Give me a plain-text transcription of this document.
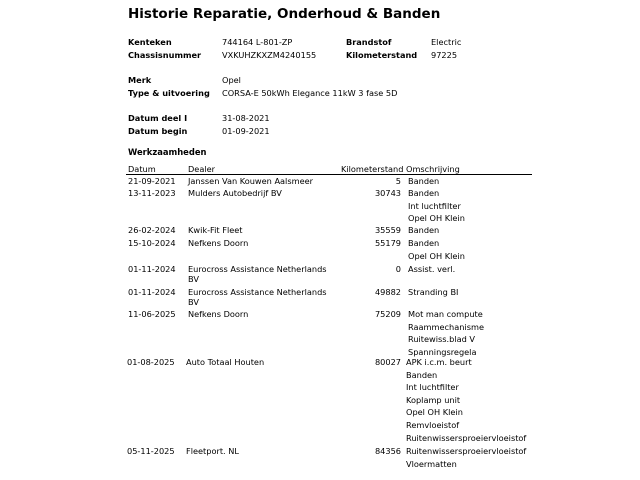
Historie Reparatie, Onderhoud & Banden
Kenteken	744164 L-801-ZP	Brandstof	Electric
Chassisnummer	VXKUHZKXZM4240155	Kilometerstand 97225
Merk	Opel
Type & uitvoering CORSA-E 50kWh Elegance 11kW 3 fase 5D
Datum deel I	31-08-2021
Datum begin	01-09-2021
Werkzaamheden
Datum	Dealer	Kilometerstand Omschrijving
21-09-2021 Janssen Van Kouwen Aalsmeer	5 Banden
13-11-2023 Mulders Autobedrijf BV	30743 Banden
Int luchtfilter
Opel OH Klein
26-02-2024 Kwik-Fit Fleet	35559 Banden
15-10-2024 Nefkens Doorn	55179 Banden
Opel OH Klein
01-11-2024 Eurocross Assistance Netherlands
BV
0 Assist. verl.
01-11-2024 Eurocross Assistance Netherlands
BV
49882 Stranding BI
11-06-2025 Nefkens Doorn	75209 Mot man compute
Raammechanisme
Ruitewiss.blad V
Spanningsregela
01-08-2025 Auto Totaal Houten	80027 APK i.c.m. beurt
Banden
Int luchtfilter
Koplamp unit
Opel OH Klein
Remvloeistof
Ruitenwissersproeiervloeistof
05-11-2025 Fleetport. NL	84356 Ruitenwissersproeiervloeistof
Vloermatten
